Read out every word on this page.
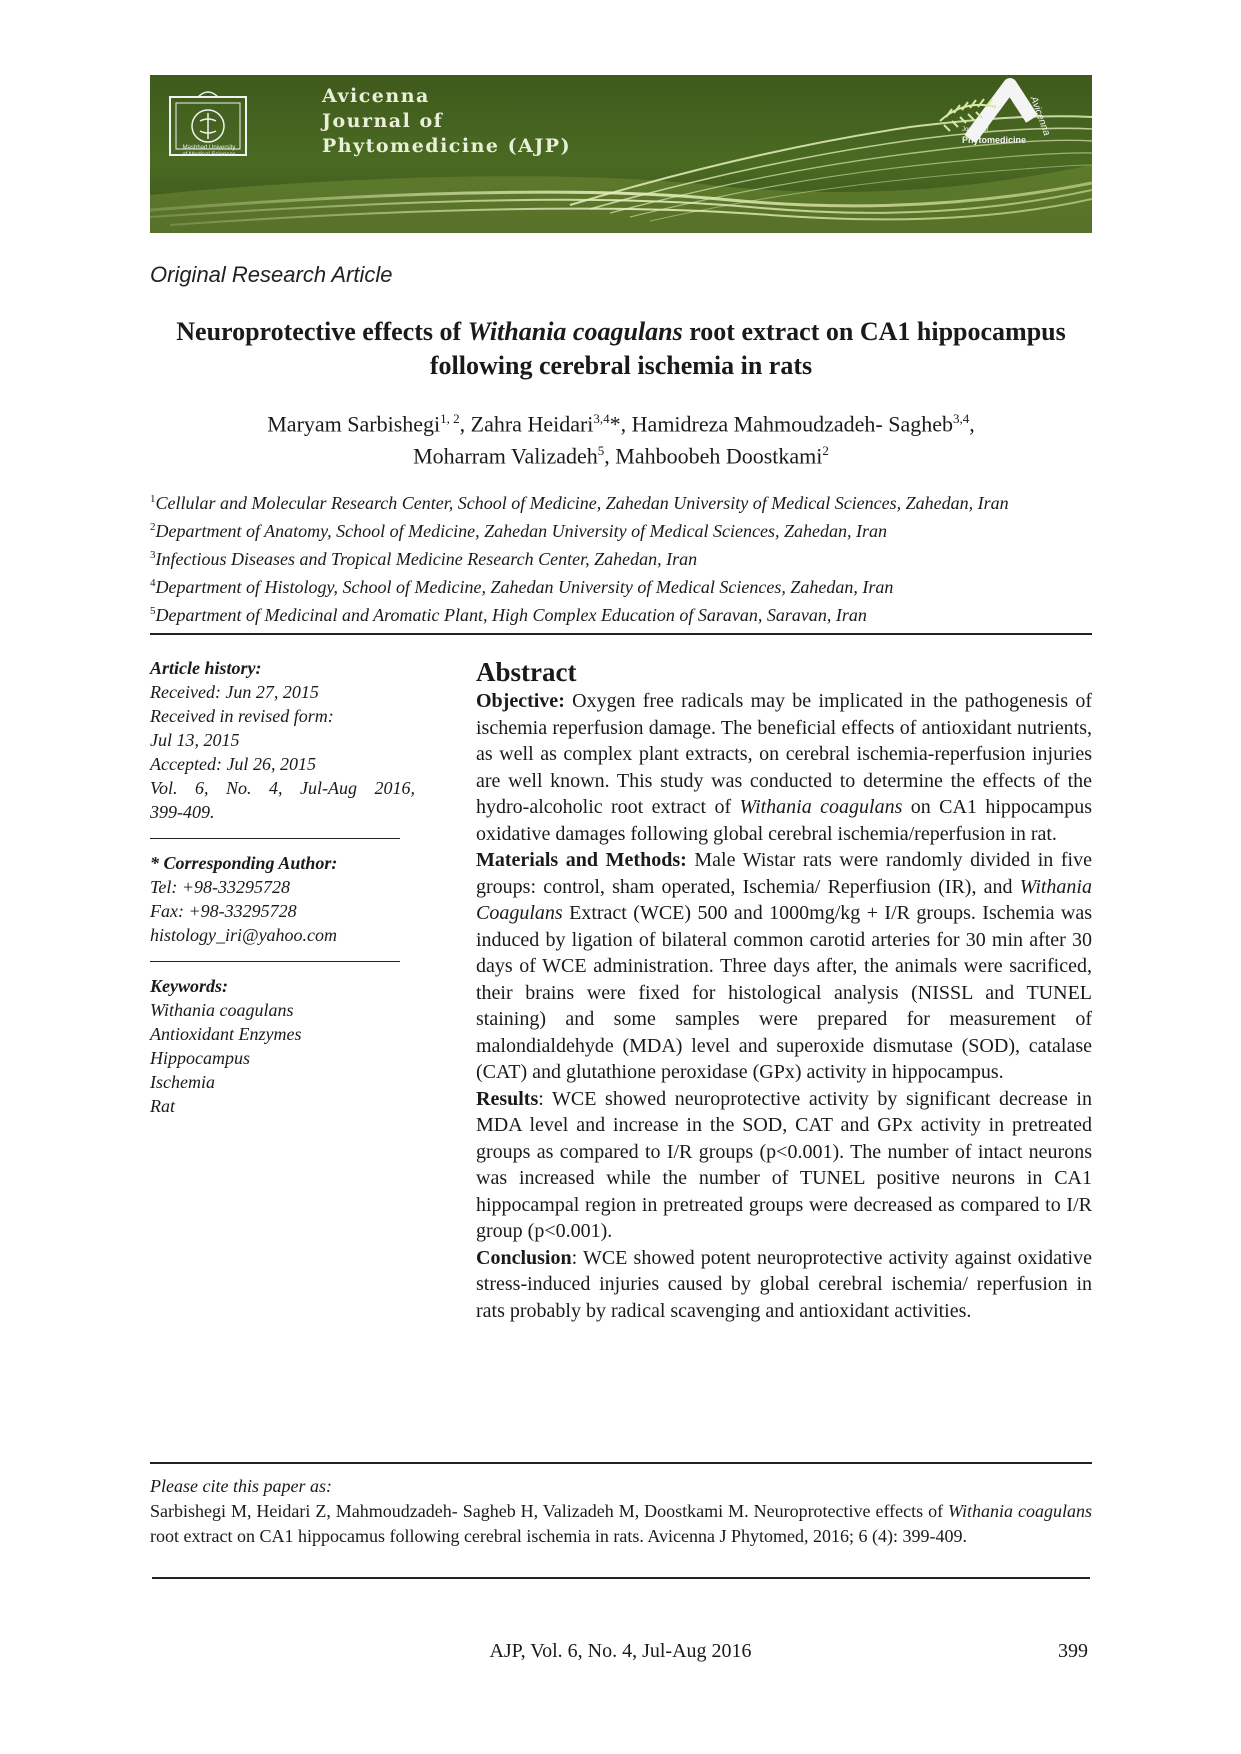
Avicenna
Journal of
Phytomedicine (AJP)
Mashhad University
of Medical Sciences
Avicenna
Journal of
Phytomedicine
Original Research Article
Neuroprotective effects of Withania coagulans root extract on CA1 hippocampus following cerebral ischemia in rats
Maryam Sarbishegi$^{1, 2}$, Zahra Heidari$^{3,4}$*, Hamidreza Mahmoudzadeh- Sagheb$^{3,4}$,
Moharram Valizadeh$^5$, Mahboobeh Doostkami$^2$
$^1$Cellular and Molecular Research Center, School of Medicine, Zahedan University of Medical Sciences, Zahedan, Iran
$^2$Department of Anatomy, School of Medicine, Zahedan University of Medical Sciences, Zahedan, Iran
$^3$Infectious Diseases and Tropical Medicine Research Center, Zahedan, Iran
$^4$Department of Histology, School of Medicine, Zahedan University of Medical Sciences, Zahedan, Iran
$^5$Department of Medicinal and Aromatic Plant, High Complex Education of Saravan, Saravan, Iran
Article history:
Received: Jun 27, 2015
Received in revised form:
Jul 13, 2015
Accepted: Jul 26, 2015
Vol. 6, No. 4, Jul-Aug 2016,
399-409.
* Corresponding Author:
Tel: +98-33295728
Fax: +98-33295728
histology_iri@yahoo.com
Keywords:
Withania coagulans
Antioxidant Enzymes
Hippocampus
Ischemia
Rat
Abstract

Objective: Oxygen free radicals may be implicated in the pathogenesis of ischemia reperfusion damage. The beneficial effects of antioxidant nutrients, as well as complex plant extracts, on cerebral ischemia-reperfusion injuries are well known. This study was conducted to determine the effects of the hydro-alcoholic root extract of Withania coagulans on CA1 hippocampus oxidative damages following global cerebral ischemia/reperfusion in rat.

Materials and Methods: Male Wistar rats were randomly divided in five groups: control, sham operated, Ischemia/ Reperfiusion (IR), and Withania Coagulans Extract (WCE) 500 and 1000mg/kg + I/R groups. Ischemia was induced by ligation of bilateral common carotid arteries for 30 min after 30 days of WCE administration. Three days after, the animals were sacrificed, their brains were fixed for histological analysis (NISSL and TUNEL staining) and some samples were prepared for measurement of malondialdehyde (MDA) level and superoxide dismutase (SOD), catalase (CAT) and glutathione peroxidase (GPx) activity in hippocampus.

Results: WCE showed neuroprotective activity by significant decrease in MDA level and increase in the SOD, CAT and GPx activity in pretreated groups as compared to I/R groups (p<0.001). The number of intact neurons was increased while the number of TUNEL positive neurons in CA1 hippocampal region in pretreated groups were decreased as compared to I/R group (p<0.001).

Conclusion: WCE showed potent neuroprotective activity against oxidative stress-induced injuries caused by global cerebral ischemia/ reperfusion in rats probably by radical scavenging and antioxidant activities.

Please cite this paper as:
Sarbishegi M, Heidari Z, Mahmoudzadeh- Sagheb H, Valizadeh M, Doostkami M. Neuroprotective effects of Withania coagulans root extract on CA1 hippocamus following cerebral ischemia in rats. Avicenna J Phytomed, 2016; 6 (4): 399-409.
AJP, Vol. 6, No. 4, Jul-Aug 2016	399
